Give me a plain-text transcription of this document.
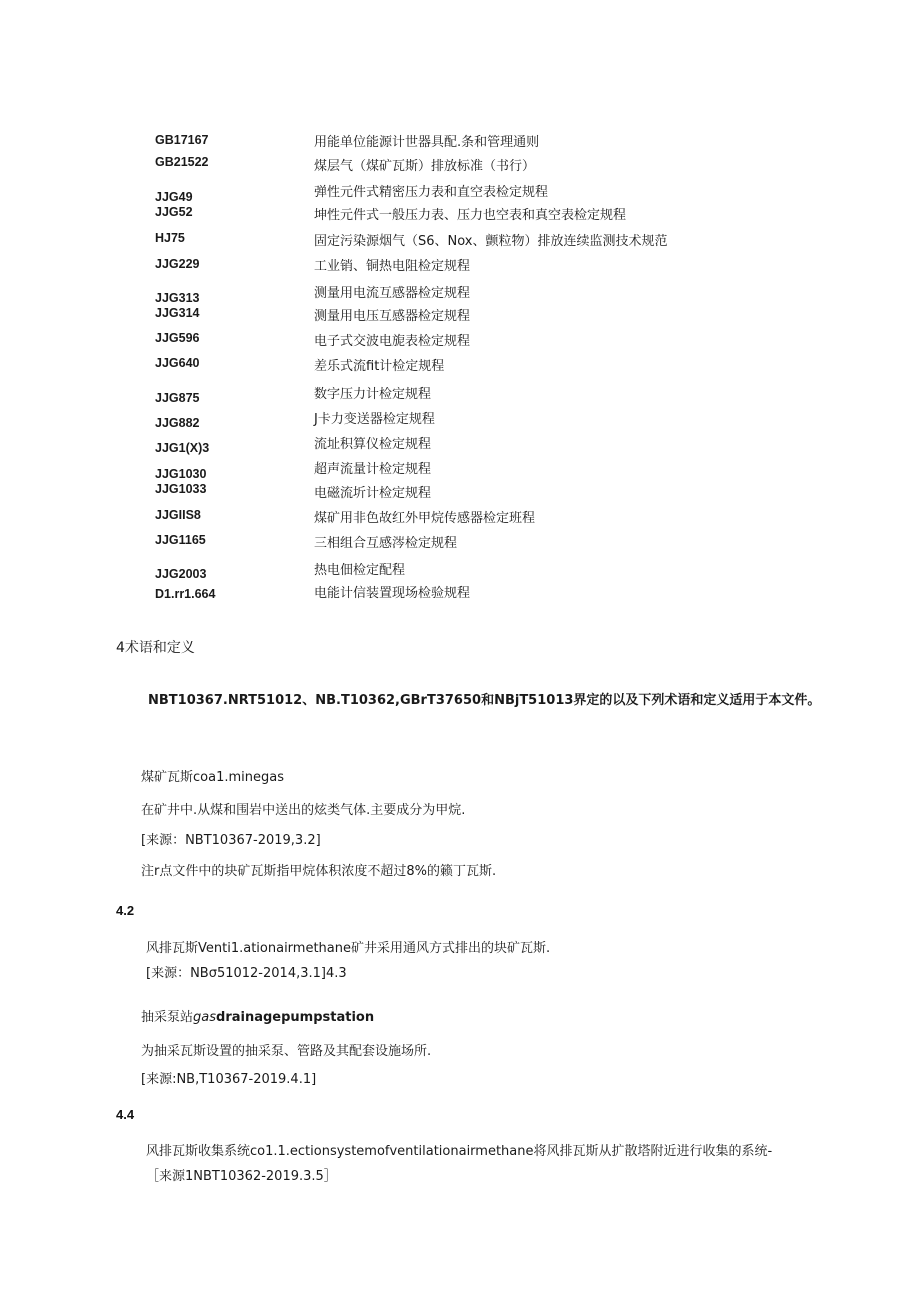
GB17167	用能单位能源计世器具配.条和管理通则
GB21522	煤层气（煤矿瓦斯）排放标准（书行）
JJG49	弹性元件式精密压力表和直空表检定规程
JJG52	坤性元件式一般压力表、压力也空表和真空表检定规程
HJ75	固定污染源烟气（S6、Nox、颤粒物）排放连续监测技术规范
JJG229	工业销、铜热电阻检定规程
JJG313	测量用电流互感器检定规程
JJG314	测量用电压互感器检定规程
JJG596	电子式交波电旎表检定规程
JJG640	差乐式流fit计检定规程
JJG875	数字压力计检定规程
JJG882	J卡力变送器检定规程
JJG1(X)3	流址积算仪检定规程
JJG1030	超声流量计检定规程
JJG1033	电磁流圻计检定规程
JJGIIS8	煤矿用非色故红外甲烷传感器检定班程
JJG1165	三相组合互感涔检定规程
JJG2003	热电佃检定配程
D1.rr1.664	电能计信装置现场检验规程
4术语和定义
NBT10367.NRT51012、NB.T10362,GBrT37650和NBjT51013界定的以及下列术语和定义适用于本文件。
煤矿瓦斯coa1.minegas
在矿井中.从煤和围岩中送出的炫类气体.主要成分为甲烷.
[来源：NBT10367-2019,3.2]
注r点文件中的块矿瓦斯指甲烷体积浓度不超过8%的籁丁瓦斯.
4.2
风排瓦斯Venti1.ationairmethane矿井采用通风方式排出的块矿瓦斯.
[来源：NBσ51012-2014,3.1]4.3
抽采泵站gasdrainagepumpstation
为抽采瓦斯设置的抽采泵、管路及其配套设施场所.
[来源:NB,T10367-2019.4.1]
4.4
风排瓦斯收集系统co1.1.ectionsystemofventilationairmethane将风排瓦斯从扩散塔附近进行收集的系统-
［来源1NBT10362-2019.3.5］
